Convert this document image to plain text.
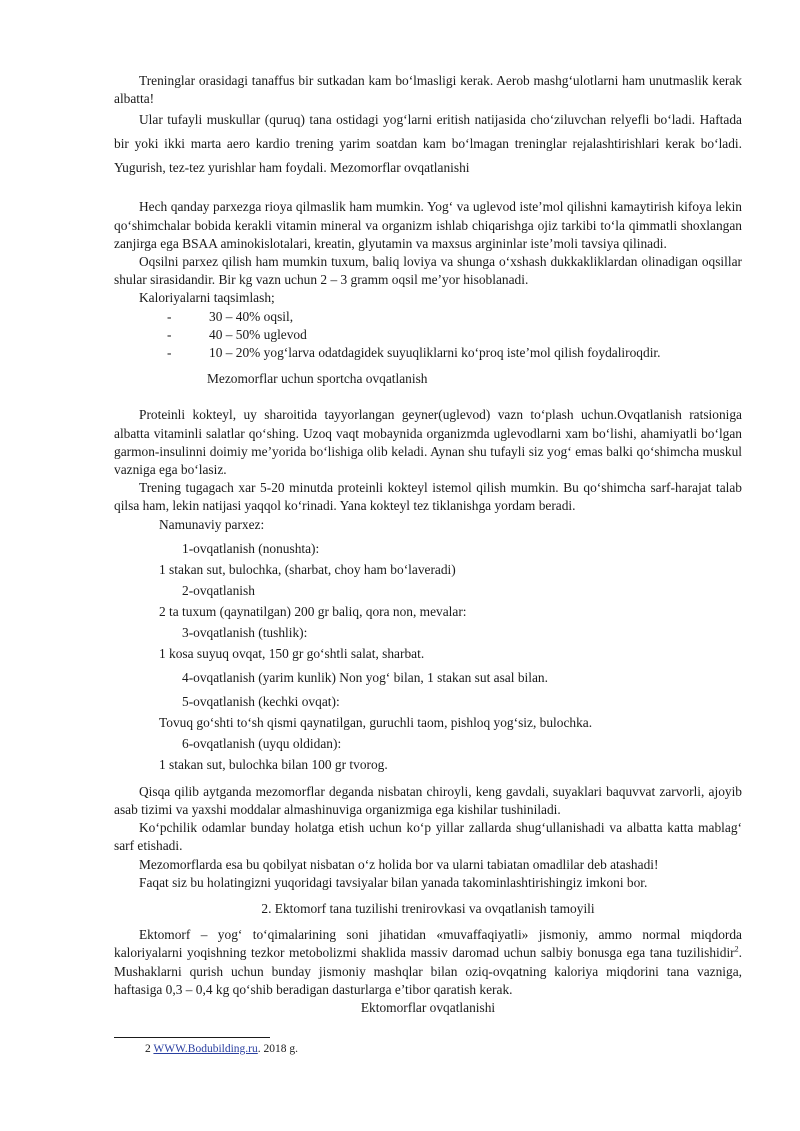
Treninglar orasidagi tanaffus bir sutkadan kam bo‘lmasligi kerak. Aerob mashg‘ulotlarni ham unutmaslik kerak albatta!

Ular tufayli muskullar (quruq) tana ostidagi yog‘larni eritish natijasida cho‘ziluvchan relyefli bo‘ladi. Haftada bir yoki ikki marta aero kardio trening yarim soatdan kam bo‘lmagan treninglar rejalashtirishlari kerak bo‘ladi. Yugurish, tez-tez yurishlar ham foydali. Mezomorflar ovqatlanishi

Hech qanday parxezga rioya qilmaslik ham mumkin. Yog‘ va uglevod iste’mol qilishni kamaytirish kifoya lekin qo‘shimchalar bobida kerakli vitamin mineral va organizm ishlab chiqarishga ojiz tarkibi to‘la qimmatli shoxlangan zanjirga ega BSAA aminokislotalari, kreatin, glyutamin va maxsus argininlar iste’moli tavsiya qilinadi.

Oqsilni parxez qilish ham mumkin tuxum, baliq loviya va shunga o‘xshash dukkakliklardan olinadigan oqsillar shular sirasidandir. Bir kg vazn uchun 2 – 3 gramm oqsil me’yor hisoblanadi.

Kaloriyalarni taqsimlash;

-	30 – 40% oqsil,
-	40 – 50% uglevod
-	10 – 20% yog‘larva odatdagidek suyuqliklarni ko‘proq iste’mol qilish foydaliroqdir.

Mezomorflar uchun sportcha ovqatlanish

Proteinli kokteyl, uy sharoitida tayyorlangan geyner(uglevod) vazn to‘plash uchun.Ovqatlanish ratsioniga albatta vitaminli salatlar qo‘shing. Uzoq vaqt mobaynida organizmda uglevodlarni xam bo‘lishi, ahamiyatli bo‘lgan garmon-insulinni doimiy me’yorida bo‘lishiga olib keladi. Aynan shu tufayli siz yog‘ emas balki qo‘shimcha muskul vazniga ega bo‘lasiz.

Trening tugagach xar 5-20 minutda proteinli kokteyl istemol qilish mumkin. Bu qo‘shimcha sarf-harajat talab qilsa ham, lekin natijasi yaqqol ko‘rinadi. Yana kokteyl tez tiklanishga yordam beradi.

Namunaviy parxez:

1-ovqatlanish (nonushta):

1 stakan sut, bulochka, (sharbat, choy ham bo‘laveradi)

2-ovqatlanish

2 ta tuxum (qaynatilgan) 200 gr baliq, qora non, mevalar:

3-ovqatlanish (tushlik):

1 kosa suyuq ovqat, 150 gr go‘shtli salat, sharbat.

4-ovqatlanish (yarim kunlik) Non yog‘ bilan, 1 stakan sut asal bilan.

5-ovqatlanish (kechki ovqat):

Tovuq go‘shti to‘sh qismi qaynatilgan, guruchli taom, pishloq yog‘siz, bulochka.

6-ovqatlanish (uyqu oldidan):

1 stakan sut, bulochka bilan 100 gr tvorog.

Qisqa qilib aytganda mezomorflar deganda nisbatan chiroyli, keng gavdali, suyaklari baquvvat zarvorli, ajoyib asab tizimi va yaxshi moddalar almashinuviga organizmiga ega kishilar tushiniladi.

Ko‘pchilik odamlar bunday holatga etish uchun ko‘p yillar zallarda shug‘ullanishadi va albatta katta mablag‘ sarf etishadi.

Mezomorflarda esa bu qobilyat nisbatan o‘z holida bor va ularni tabiatan omadlilar deb atashadi!

Faqat siz bu holatingizni yuqoridagi tavsiyalar bilan yanada takominlashtirishingiz imkoni bor.

2. Ektomorf tana tuzilishi trenirovkasi va ovqatlanish tamoyili

Ektomorf – yog‘ to‘qimalarining soni jihatidan «muvaffaqiyatli» jismoniy, ammo normal miqdorda kaloriyalarni yoqishning tezkor metobolizmi shaklida massiv daromad uchun salbiy bonusga ega tana tuzilishidir$^2$. Mushaklarni qurish uchun bunday jismoniy mashqlar bilan oziq-ovqatning kaloriya miqdorini tana vazniga, haftasiga 0,3 – 0,4 kg qo‘shib beradigan dasturlarga e’tibor qaratish kerak.

Ektomorflar ovqatlanishi

2 WWW.Bodubilding.ru. 2018 g.
